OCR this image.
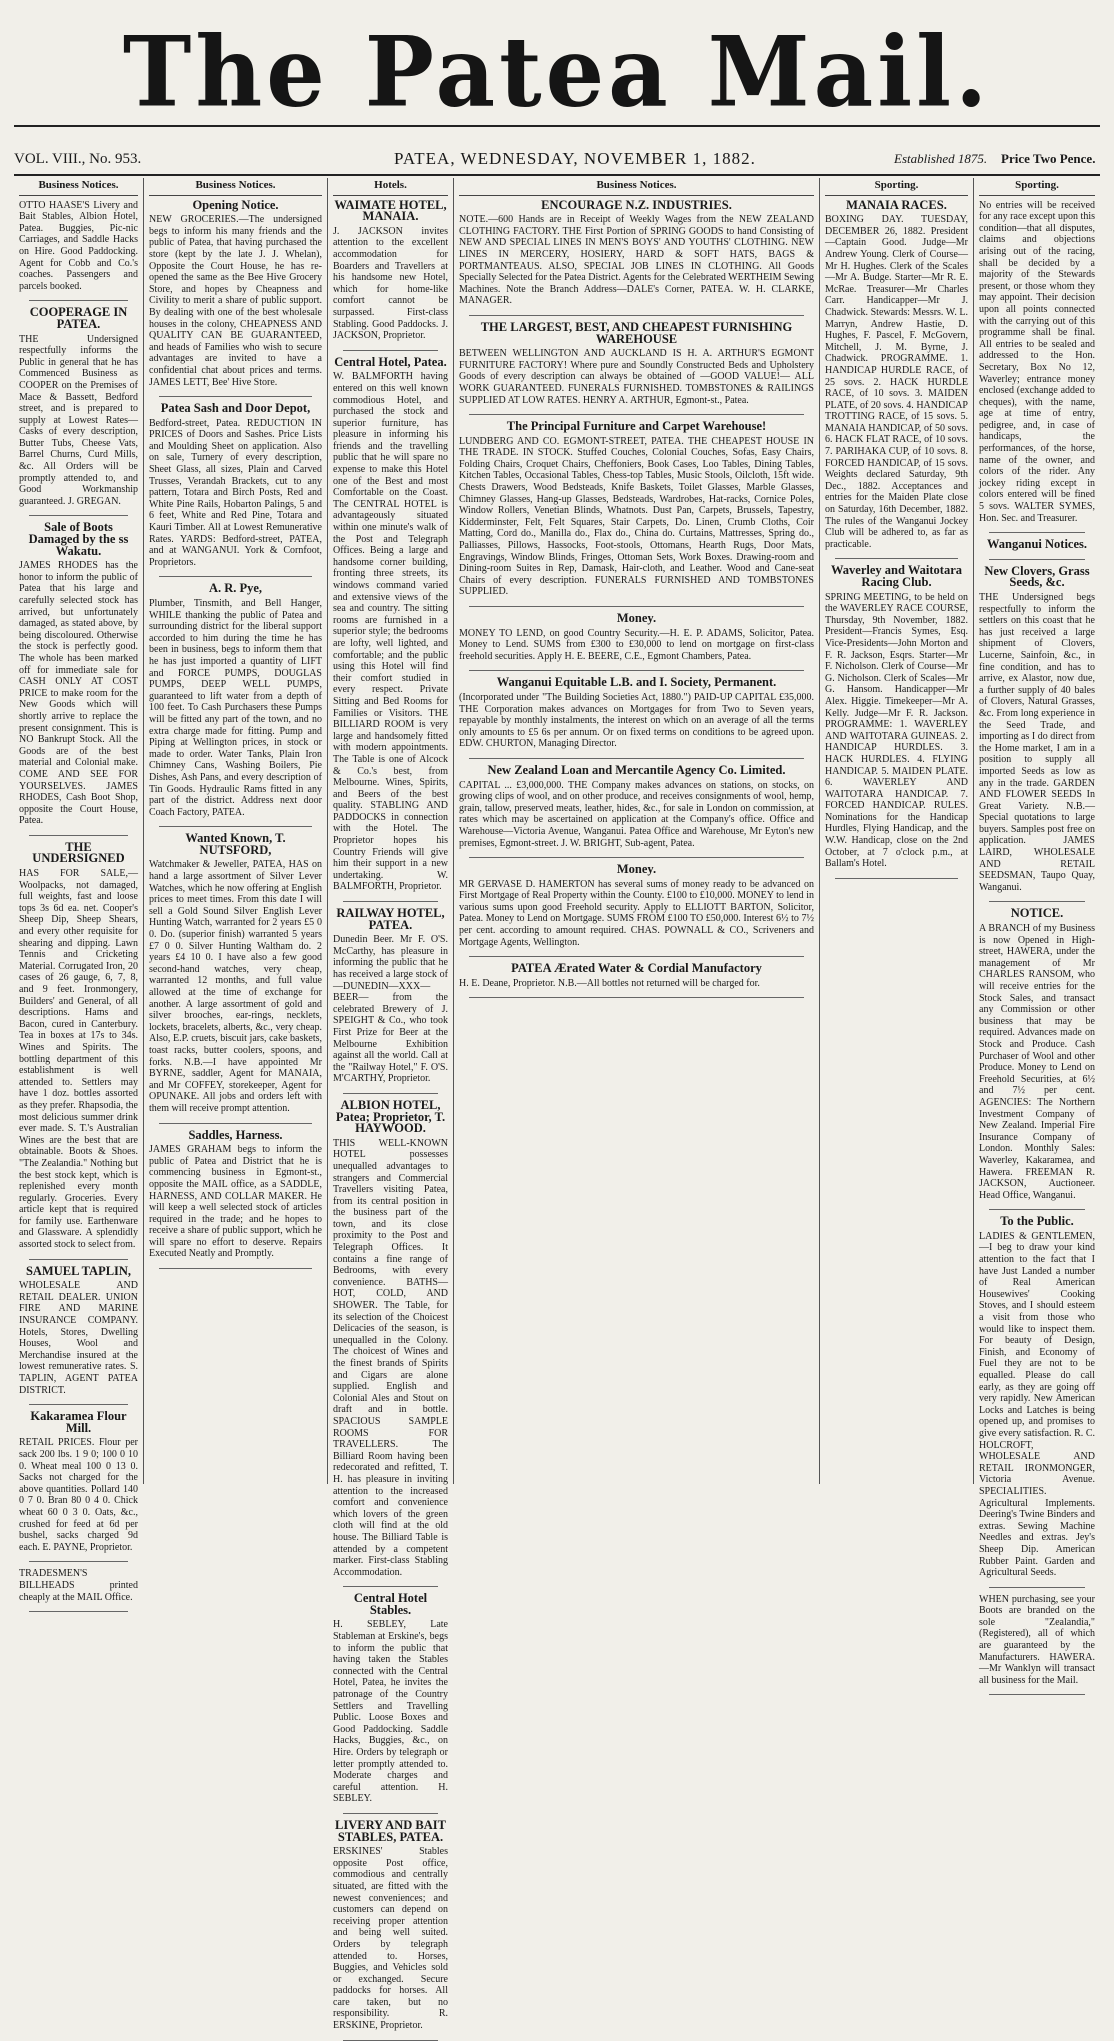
The Patea Mail.
VOL. VIII., No. 953.	PATEA, WEDNESDAY, NOVEMBER 1, 1882.	Established 1875. Price Two Pence.
Business Notices.
OTTO HAASE'S Livery and Bait Stables, Albion Hotel, Patea. Buggies, Pic-nic Carriages, and Saddle Hacks on Hire. Good Paddocking. Agent for Cobb and Co.'s coaches. Passengers and parcels booked.
COOPERAGE IN PATEA.
THE Undersigned respectfully informs the Public in general that he has Commenced Business as COOPER on the Premises of Mace & Bassett, Bedford street, and is prepared to supply at Lowest Rates—Casks of every description, Butter Tubs, Cheese Vats, Barrel Churns, Curd Mills, &c. All Orders will be promptly attended to, and Good Workmanship guaranteed. J. GREGAN.
Sale of Boots Damaged by the ss Wakatu.
JAMES RHODES has the honor to inform the public of Patea that his large and carefully selected stock has arrived, but unfortunately damaged, as stated above, by being discoloured. Otherwise the stock is perfectly good. The whole has been marked off for immediate sale for CASH ONLY AT COST PRICE to make room for the New Goods which will shortly arrive to replace the present consignment. This is NO Bankrupt Stock. All the Goods are of the best material and Colonial make. COME AND SEE FOR YOURSELVES. JAMES RHODES, Cash Boot Shop, opposite the Court House, Patea.
THE UNDERSIGNED
HAS FOR SALE,— Woolpacks, not damaged, full weights, fast and loose tops 3s 6d ea. net. Cooper's Sheep Dip, Sheep Shears, and every other requisite for shearing and dipping. Lawn Tennis and Cricketing Material. Corrugated Iron, 20 cases of 26 gauge, 6, 7, 8, and 9 feet. Ironmongery, Builders' and General, of all descriptions. Hams and Bacon, cured in Canterbury. Tea in boxes at 17s to 34s. Wines and Spirits. The bottling department of this establishment is well attended to. Settlers may have 1 doz. bottles assorted as they prefer. Rhapsodia, the most delicious summer drink ever made. S. T.'s Australian Wines are the best that are obtainable. Boots & Shoes. "The Zealandia." Nothing but the best stock kept, which is replenished every month regularly. Groceries. Every article kept that is required for family use. Earthenware and Glassware. A splendidly assorted stock to select from.
SAMUEL TAPLIN,
WHOLESALE AND RETAIL DEALER. UNION FIRE AND MARINE INSURANCE COMPANY. Hotels, Stores, Dwelling Houses, Wool and Merchandise insured at the lowest remunerative rates. S. TAPLIN, AGENT PATEA DISTRICT.
Kakaramea Flour Mill.
RETAIL PRICES. Flour per sack 200 lbs. 1 9 0; 100 0 10 0. Wheat meal 100 0 13 0. Sacks not charged for the above quantities. Pollard 140 0 7 0. Bran 80 0 4 0. Chick wheat 60 0 3 0. Oats, &c., crushed for feed at 6d per bushel, sacks charged 9d each. E. PAYNE, Proprietor.
TRADESMEN'S BILLHEADS printed cheaply at the MAIL Office.
Business Notices.
Opening Notice.
NEW GROCERIES.—The undersigned begs to inform his many friends and the public of Patea, that having purchased the store (kept by the late J. J. Whelan), Opposite the Court House, he has re-opened the same as the Bee Hive Grocery Store, and hopes by Cheapness and Civility to merit a share of public support. By dealing with one of the best wholesale houses in the colony, CHEAPNESS AND QUALITY CAN BE GUARANTEED, and heads of Families who wish to secure advantages are invited to have a confidential chat about prices and terms. JAMES LETT, Bee' Hive Store.
Patea Sash and Door Depot,
Bedford-street, Patea. REDUCTION IN PRICES of Doors and Sashes. Price Lists and Moulding Sheet on application. Also on sale, Turnery of every description, Sheet Glass, all sizes, Plain and Carved Trusses, Verandah Brackets, cut to any pattern, Totara and Birch Posts, Red and White Pine Rails, Hobarton Palings, 5 and 6 feet, White and Red Pine, Totara and Kauri Timber. All at Lowest Remunerative Rates. YARDS: Bedford-street, PATEA, and at WANGANUI. York & Cornfoot, Proprietors.
A. R. Pye,
Plumber, Tinsmith, and Bell Hanger, WHILE thanking the public of Patea and surrounding district for the liberal support accorded to him during the time he has been in business, begs to inform them that he has just imported a quantity of LIFT and FORCE PUMPS, DOUGLAS PUMPS, DEEP WELL PUMPS, guaranteed to lift water from a depth of 100 feet. To Cash Purchasers these Pumps will be fitted any part of the town, and no extra charge made for fitting. Pump and Piping at Wellington prices, in stock or made to order. Water Tanks, Plain Iron Chimney Cans, Washing Boilers, Pie Dishes, Ash Pans, and every description of Tin Goods. Hydraulic Rams fitted in any part of the district. Address next door Coach Factory, PATEA.
Wanted Known, T. NUTSFORD,
Watchmaker & Jeweller, PATEA, HAS on hand a large assortment of Silver Lever Watches, which he now offering at English prices to meet times. From this date I will sell a Gold Sound Silver English Lever Hunting Watch, warranted for 2 years £5 0 0. Do. (superior finish) warranted 5 years £7 0 0. Silver Hunting Waltham do. 2 years £4 10 0. I have also a few good second-hand watches, very cheap, warranted 12 months, and full value allowed at the time of exchange for another. A large assortment of gold and silver brooches, ear-rings, necklets, lockets, bracelets, alberts, &c., very cheap. Also, E.P. cruets, biscuit jars, cake baskets, toast racks, butter coolers, spoons, and forks. N.B.—I have appointed Mr BYRNE, saddler, Agent for MANAIA, and Mr COFFEY, storekeeper, Agent for OPUNAKE. All jobs and orders left with them will receive prompt attention.
Saddles, Harness.
JAMES GRAHAM begs to inform the public of Patea and District that he is commencing business in Egmont-st., opposite the MAIL office, as a SADDLE, HARNESS, AND COLLAR MAKER. He will keep a well selected stock of articles required in the trade; and he hopes to receive a share of public support, which he will spare no effort to deserve. Repairs Executed Neatly and Promptly.
Hotels.
WAIMATE HOTEL, MANAIA.
J. JACKSON invites attention to the excellent accommodation for Boarders and Travellers at his handsome new Hotel, which for home-like comfort cannot be surpassed. First-class Stabling. Good Paddocks. J. JACKSON, Proprietor.
Central Hotel, Patea.
W. BALMFORTH having entered on this well known commodious Hotel, and purchased the stock and superior furniture, has pleasure in informing his friends and the travelling public that he will spare no expense to make this Hotel one of the Best and most Comfortable on the Coast. The CENTRAL HOTEL is advantageously situated within one minute's walk of the Post and Telegraph Offices. Being a large and handsome corner building, fronting three streets, its windows command varied and extensive views of the sea and country. The sitting rooms are furnished in a superior style; the bedrooms are lofty, well lighted, and comfortable; and the public using this Hotel will find their comfort studied in every respect. Private Sitting and Bed Rooms for Families or Visitors. THE BILLIARD ROOM is very large and handsomely fitted with modern appointments. The Table is one of Alcock & Co.'s best, from Melbourne. Wines, Spirits, and Beers of the best quality. STABLING AND PADDOCKS in connection with the Hotel. The Proprietor hopes his Country Friends will give him their support in a new undertaking. W. BALMFORTH, Proprietor.
RAILWAY HOTEL, PATEA.
Dunedin Beer. Mr F. O'S. McCarthy, has pleasure in informing the public that he has received a large stock of —DUNEDIN—XXX—BEER— from the celebrated Brewery of J. SPEIGHT & Co., who took First Prize for Beer at the Melbourne Exhibition against all the world. Call at the "Railway Hotel," F. O'S. M'CARTHY, Proprietor.
ALBION HOTEL, Patea; Proprietor, T. HAYWOOD.
THIS WELL-KNOWN HOTEL possesses unequalled advantages to strangers and Commercial Travellers visiting Patea, from its central position in the business part of the town, and its close proximity to the Post and Telegraph Offices. It contains a fine range of Bedrooms, with every convenience. BATHS—HOT, COLD, AND SHOWER. The Table, for its selection of the Choicest Delicacies of the season, is unequalled in the Colony. The choicest of Wines and the finest brands of Spirits and Cigars are alone supplied. English and Colonial Ales and Stout on draft and in bottle. SPACIOUS SAMPLE ROOMS FOR TRAVELLERS. The Billiard Room having been redecorated and refitted, T. H. has pleasure in inviting attention to the increased comfort and convenience which lovers of the green cloth will find at the old house. The Billiard Table is attended by a competent marker. First-class Stabling Accommodation.
Central Hotel Stables.
H. SEBLEY, Late Stableman at Erskine's, begs to inform the public that having taken the Stables connected with the Central Hotel, Patea, he invites the patronage of the Country Settlers and Travelling Public. Loose Boxes and Good Paddocking. Saddle Hacks, Buggies, &c., on Hire. Orders by telegraph or letter promptly attended to. Moderate charges and careful attention. H. SEBLEY.
LIVERY AND BAIT STABLES, PATEA.
ERSKINES' Stables opposite Post office, commodious and centrally situated, are fitted with the newest conveniences; and customers can depend on receiving proper attention and being well suited. Orders by telegraph attended to. Horses, Buggies, and Vehicles sold or exchanged. Secure paddocks for horses. All care taken, but no responsibility. R. ERSKINE, Proprietor.
Business Notices.
ENCOURAGE N.Z. INDUSTRIES.
NOTE.—600 Hands are in Receipt of Weekly Wages from the NEW ZEALAND CLOTHING FACTORY. THE First Portion of SPRING GOODS to hand Consisting of NEW AND SPECIAL LINES IN MEN'S BOYS' AND YOUTHS' CLOTHING. NEW LINES IN MERCERY, HOSIERY, HARD & SOFT HATS, BAGS & PORTMANTEAUS. ALSO, SPECIAL JOB LINES IN CLOTHING. All Goods Specially Selected for the Patea District. Agents for the Celebrated WERTHEIM Sewing Machines. Note the Branch Address—DALE's Corner, PATEA. W. H. CLARKE, MANAGER.
THE LARGEST, BEST, AND CHEAPEST FURNISHING WAREHOUSE
BETWEEN WELLINGTON AND AUCKLAND IS H. A. ARTHUR'S EGMONT FURNITURE FACTORY! Where pure and Soundly Constructed Beds and Upholstery Goods of every description can always be obtained of —GOOD VALUE!— ALL WORK GUARANTEED. FUNERALS FURNISHED. TOMBSTONES & RAILINGS SUPPLIED AT LOW RATES. HENRY A. ARTHUR, Egmont-st., Patea.
The Principal Furniture and Carpet Warehouse!
LUNDBERG AND CO. EGMONT-STREET, PATEA. THE CHEAPEST HOUSE IN THE TRADE. IN STOCK. Stuffed Couches, Colonial Couches, Sofas, Easy Chairs, Folding Chairs, Croquet Chairs, Cheffoniers, Book Cases, Loo Tables, Dining Tables, Kitchen Tables, Occasional Tables, Chess-top Tables, Music Stools, Oilcloth, 15ft wide. Chests Drawers, Wood Bedsteads, Knife Baskets, Toilet Glasses, Marble Glasses, Chimney Glasses, Hang-up Glasses, Bedsteads, Wardrobes, Hat-racks, Cornice Poles, Window Rollers, Venetian Blinds, Whatnots. Dust Pan, Carpets, Brussels, Tapestry, Kidderminster, Felt, Felt Squares, Stair Carpets, Do. Linen, Crumb Cloths, Coir Matting, Cord do., Manilla do., Flax do., China do. Curtains, Mattresses, Spring do., Palliasses, Pillows, Hassocks, Foot-stools, Ottomans, Hearth Rugs, Door Mats, Engravings, Window Blinds, Fringes, Ottoman Sets, Work Boxes. Drawing-room and Dining-room Suites in Rep, Damask, Hair-cloth, and Leather. Wood and Cane-seat Chairs of every description. FUNERALS FURNISHED AND TOMBSTONES SUPPLIED.
Money.
MONEY TO LEND, on good Country Security.—H. E. P. ADAMS, Solicitor, Patea. Money to Lend. SUMS from £300 to £30,000 to lend on mortgage on first-class freehold securities. Apply H. E. BEERE, C.E., Egmont Chambers, Patea.
Wanganui Equitable L.B. and I. Society, Permanent.
(Incorporated under "The Building Societies Act, 1880.") PAID-UP CAPITAL £35,000. THE Corporation makes advances on Mortgages for from Two to Seven years, repayable by monthly instalments, the interest on which on an average of all the terms only amounts to £5 6s per annum. Or on fixed terms on conditions to be agreed upon. EDW. CHURTON, Managing Director.
New Zealand Loan and Mercantile Agency Co. Limited.
CAPITAL ... £3,000,000. THE Company makes advances on stations, on stocks, on growing clips of wool, and on other produce, and receives consignments of wool, hemp, grain, tallow, preserved meats, leather, hides, &c., for sale in London on commission, at rates which may be ascertained on application at the Company's office. Office and Warehouse—Victoria Avenue, Wanganui. Patea Office and Warehouse, Mr Eyton's new premises, Egmont-street. J. W. BRIGHT, Sub-agent, Patea.
Money.
MR GERVASE D. HAMERTON has several sums of money ready to be advanced on First Mortgage of Real Property within the County. £100 to £10,000. MONEY to lend in various sums upon good Freehold security. Apply to ELLIOTT BARTON, Solicitor, Patea. Money to Lend on Mortgage. SUMS FROM £100 TO £50,000. Interest 6½ to 7½ per cent. according to amount required. CHAS. POWNALL & CO., Scriveners and Mortgage Agents, Wellington.
PATEA Ærated Water & Cordial Manufactory
H. E. Deane, Proprietor. N.B.—All bottles not returned will be charged for.
Sporting.
MANAIA RACES.
BOXING DAY. TUESDAY, DECEMBER 26, 1882. President—Captain Good. Judge—Mr Andrew Young. Clerk of Course—Mr H. Hughes. Clerk of the Scales—Mr A. Budge. Starter—Mr R. E. McRae. Treasurer—Mr Charles Carr. Handicapper—Mr J. Chadwick. Stewards: Messrs. W. L. Marryn, Andrew Hastie, D. Hughes, F. Pascel, F. McGovern, Mitchell, J. M. Byrne, J. Chadwick. PROGRAMME. 1. HANDICAP HURDLE RACE, of 25 sovs. 2. HACK HURDLE RACE, of 10 sovs. 3. MAIDEN PLATE, of 20 sovs. 4. HANDICAP TROTTING RACE, of 15 sovs. 5. MANAIA HANDICAP, of 50 sovs. 6. HACK FLAT RACE, of 10 sovs. 7. PARIHAKA CUP, of 10 sovs. 8. FORCED HANDICAP, of 15 sovs. Weights declared Saturday, 9th Dec., 1882. Acceptances and entries for the Maiden Plate close on Saturday, 16th December, 1882. The rules of the Wanganui Jockey Club will be adhered to, as far as practicable.
Waverley and Waitotara Racing Club.
SPRING MEETING, to be held on the WAVERLEY RACE COURSE, Thursday, 9th November, 1882. President—Francis Symes, Esq. Vice-Presidents—John Morton and F. R. Jackson, Esqrs. Starter—Mr F. Nicholson. Clerk of Course—Mr G. Nicholson. Clerk of Scales—Mr G. Hansom. Handicapper—Mr Alex. Higgie. Timekeeper—Mr A. Kelly. Judge—Mr F. R. Jackson. PROGRAMME: 1. WAVERLEY AND WAITOTARA GUINEAS. 2. HANDICAP HURDLES. 3. HACK HURDLES. 4. FLYING HANDICAP. 5. MAIDEN PLATE. 6. WAVERLEY AND WAITOTARA HANDICAP. 7. FORCED HANDICAP. RULES. Nominations for the Handicap Hurdles, Flying Handicap, and the W.W. Handicap, close on the 2nd October, at 7 o'clock p.m., at Ballam's Hotel.
Sporting.
No entries will be received for any race except upon this condition—that all disputes, claims and objections arising out of the racing, shall be decided by a majority of the Stewards present, or those whom they may appoint. Their decision upon all points connected with the carrying out of this programme shall be final. All entries to be sealed and addressed to the Hon. Secretary, Box No 12, Waverley; entrance money enclosed (exchange added to cheques), with the name, age at time of entry, pedigree, and, in case of handicaps, the performances, of the horse, name of the owner, and colors of the rider. Any jockey riding except in colors entered will be fined 5 sovs. WALTER SYMES, Hon. Sec. and Treasurer.
Wanganui Notices.
New Clovers, Grass Seeds, &c.
THE Undersigned begs respectfully to inform the settlers on this coast that he has just received a large shipment of Clovers, Lucerne, Sainfoin, &c., in fine condition, and has to arrive, ex Alastor, now due, a further supply of 40 bales of Clovers, Natural Grasses, &c. From long experience in the Seed Trade, and importing as I do direct from the Home market, I am in a position to supply all imported Seeds as low as any in the trade. GARDEN AND FLOWER SEEDS In Great Variety. N.B.—Special quotations to large buyers. Samples post free on application. JAMES LAIRD, WHOLESALE AND RETAIL SEEDSMAN, Taupo Quay, Wanganui.
NOTICE.
A BRANCH of my Business is now Opened in High-street, HAWERA, under the management of Mr CHARLES RANSOM, who will receive entries for the Stock Sales, and transact any Commission or other business that may be required. Advances made on Stock and Produce. Cash Purchaser of Wool and other Produce. Money to Lend on Freehold Securities, at 6½ and 7½ per cent. AGENCIES: The Northern Investment Company of New Zealand. Imperial Fire Insurance Company of London. Monthly Sales: Waverley, Kakaramea, and Hawera. FREEMAN R. JACKSON, Auctioneer. Head Office, Wanganui.
To the Public.
LADIES & GENTLEMEN,—I beg to draw your kind attention to the fact that I have Just Landed a number of Real American Housewives' Cooking Stoves, and I should esteem a visit from those who would like to inspect them. For beauty of Design, Finish, and Economy of Fuel they are not to be equalled. Please do call early, as they are going off very rapidly. New American Locks and Latches is being opened up, and promises to give every satisfaction. R. C. HOLCROFT, WHOLESALE AND RETAIL IRONMONGER, Victoria Avenue. SPECIALITIES. Agricultural Implements. Deering's Twine Binders and extras. Sewing Machine Needles and extras. Jey's Sheep Dip. American Rubber Paint. Garden and Agricultural Seeds.
WHEN purchasing, see your Boots are branded on the sole "Zealandia," (Registered), all of which are guaranteed by the Manufacturers. HAWERA.—Mr Wanklyn will transact all business for the Mail.
